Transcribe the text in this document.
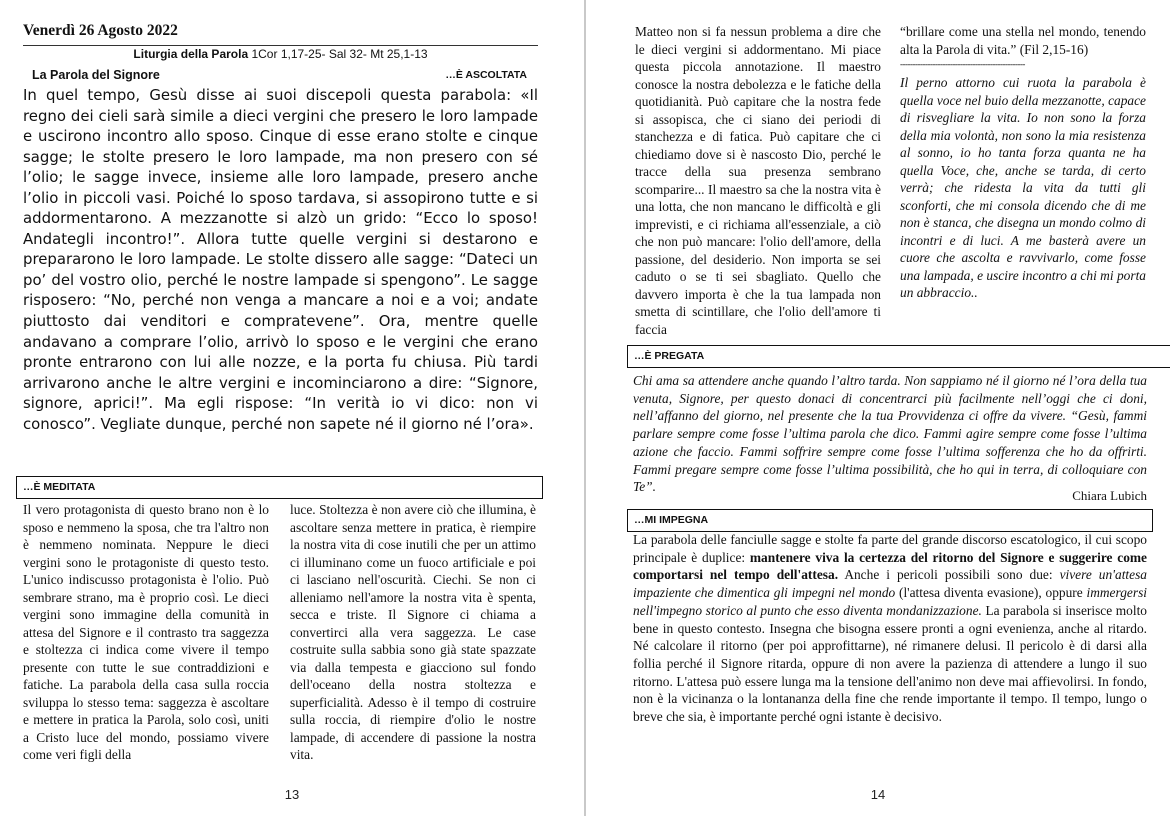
Venerdì 26 Agosto 2022
Liturgia della Parola 1Cor 1,17-25- Sal 32- Mt 25,1-13
La Parola del Signore	…È ASCOLTATA

In quel tempo, Gesù disse ai suoi discepoli questa parabola: «Il regno dei cieli sarà simile a dieci vergini che presero le loro lampade e uscirono incontro allo sposo. Cinque di esse erano stolte e cinque sagge; le stolte presero le loro lampade, ma non presero con sé l’olio; le sagge invece, insieme alle loro lampade, presero anche l’olio in piccoli vasi. Poiché lo sposo tardava, si assopirono tutte e si addormentarono. A mezzanotte si alzò un grido: “Ecco lo sposo! Andategli incontro!”. Allora tutte quelle vergini si destarono e prepararono le loro lampade. Le stolte dissero alle sagge: “Dateci un po’ del vostro olio, perché le nostre lampade si spengono”. Le sagge risposero: “No, perché non venga a mancare a noi e a voi; andate piuttosto dai venditori e compratevene”. Ora, mentre quelle andavano a comprare l’olio, arrivò lo sposo e le vergini che erano pronte entrarono con lui alle nozze, e la porta fu chiusa. Più tardi arrivarono anche le altre vergini e incominciarono a dire: “Signore, signore, aprici!”. Ma egli rispose: “In verità io vi dico: non vi conosco”. Vegliate dunque, perché non sapete né il giorno né l’ora».

…È MEDITATA

Il vero protagonista di questo brano non è lo sposo e nemmeno la sposa, che tra l'altro non è nemmeno nominata. Neppure le dieci vergini sono le protagoniste di questo testo. L'unico indiscusso protagonista è l'olio. Può sembrare strano, ma è proprio così. Le dieci vergini sono immagine della comunità in attesa del Signore e il contrasto tra saggezza e stoltezza ci indica come vivere il tempo presente con tutte le sue contraddizioni e fatiche. La parabola della casa sulla roccia sviluppa lo stesso tema: saggezza è ascoltare e mettere in pratica la Parola, solo così, uniti a Cristo luce del mondo, possiamo vivere come veri figli della

luce. Stoltezza è non avere ciò che illumina, è ascoltare senza mettere in pratica, è riempire la nostra vita di cose inutili che per un attimo ci illuminano come un fuoco artificiale e poi ci lasciano nell'oscurità. Ciechi. Se non ci alleniamo nell'amore la nostra vita è spenta, secca e triste. Il Signore ci chiama a convertirci alla vera saggezza. Le case costruite sulla sabbia sono già state spazzate via dalla tempesta e giacciono sul fondo dell'oceano della nostra stoltezza e superficialità. Adesso è il tempo di costruire sulla roccia, di riempire d'olio le nostre lampade, di accendere di passione la nostra vita.

13

Matteo non si fa nessun problema a dire che le dieci vergini si addormentano. Mi piace questa piccola annotazione. Il maestro conosce la nostra debolezza e le fatiche della quotidianità. Può capitare che la nostra fede si assopisca, che ci siano dei periodi di stanchezza e di fatica. Può capitare che ci chiediamo dove si è nascosto Dio, perché le tracce della sua presenza sembrano scomparire... Il maestro sa che la nostra vita è una lotta, che non mancano le difficoltà e gli imprevisti, e ci richiama all'essenziale, a ciò che non può mancare: l'olio dell'amore, della passione, del desiderio. Non importa se sei caduto o se ti sei sbagliato. Quello che davvero importa è che la tua lampada non smetta di scintillare, che l'olio dell'amore ti faccia

“brillare come una stella nel mondo, tenendo alta la Parola di vita.” (Fil 2,15-16)

--------------------------------------------------

Il perno attorno cui ruota la parabola è quella voce nel buio della mezzanotte, capace di risvegliare la vita. Io non sono la forza della mia volontà, non sono la mia resistenza al sonno, io ho tanta forza quanta ne ha quella Voce, che, anche se tarda, di certo verrà; che ridesta la vita da tutti gli sconforti, che mi consola dicendo che di me non è stanca, che disegna un mondo colmo di incontri e di luci. A me basterà avere un cuore che ascolta e ravvivarlo, come fosse una lampada, e uscire incontro a chi mi porta un abbraccio..

…È PREGATA
Chi ama sa attendere anche quando l’altro tarda. Non sappiamo né il giorno né l’ora della tua venuta, Signore, per questo donaci di concentrarci più facilmente nell’oggi che ci doni, nell’affanno del giorno, nel presente che la tua Provvidenza ci offre da vivere. “Gesù, fammi parlare sempre come fosse l’ultima parola che dico. Fammi agire sempre come fosse l’ultima azione che faccio. Fammi soffrire sempre come fosse l’ultima sofferenza che ho da offrirti. Fammi pregare sempre come fosse l’ultima possibilità, che ho qui in terra, di colloquiare con Te”.
Chiara Lubich
…MI IMPEGNA

La parabola delle fanciulle sagge e stolte fa parte del grande discorso escatologico, il cui scopo principale è duplice: mantenere viva la certezza del ritorno del Signore e suggerire come comportarsi nel tempo dell'attesa. Anche i pericoli possibili sono due: vivere un'attesa impaziente che dimentica gli impegni nel mondo (l'attesa diventa evasione), oppure immergersi nell'impegno storico al punto che esso diventa mondanizzazione. La parabola si inserisce molto bene in questo contesto. Insegna che bisogna essere pronti a ogni evenienza, anche al ritardo. Né calcolare il ritorno (per poi approfittarne), né rimanere delusi. Il pericolo è di darsi alla follia perché il Signore ritarda, oppure di non avere la pazienza di attendere a lungo il suo ritorno. L'attesa può essere lunga ma la tensione dell'animo non deve mai affievolirsi. In fondo, non è la vicinanza o la lontananza della fine che rende importante il tempo. Il tempo, lungo o breve che sia, è importante perché ogni istante è decisivo.

14
